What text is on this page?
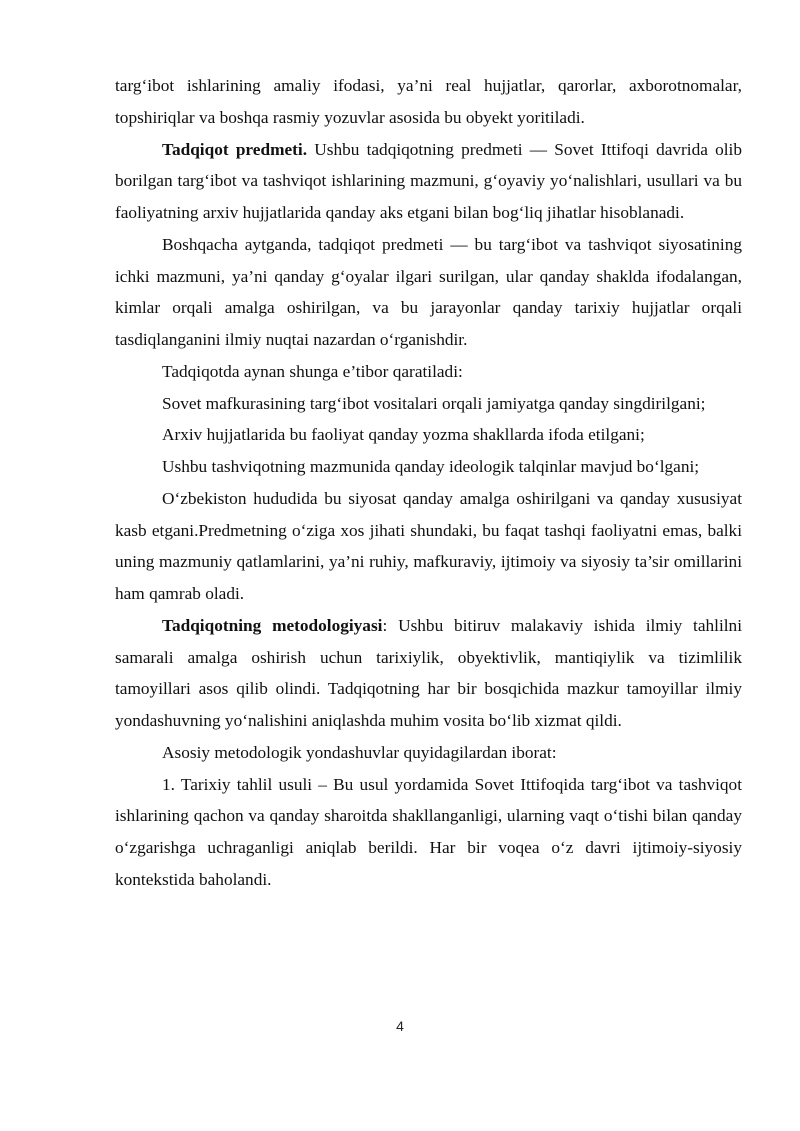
targ‘ibot ishlarining amaliy ifodasi, ya’ni real hujjatlar, qarorlar, axborotnomalar, topshiriqlar va boshqa rasmiy yozuvlar asosida bu obyekt yoritiladi.

Tadqiqot predmeti. Ushbu tadqiqotning predmeti — Sovet Ittifoqi davrida olib borilgan targ‘ibot va tashviqot ishlarining mazmuni, g‘oyaviy yo‘nalishlari, usullari va bu faoliyatning arxiv hujjatlarida qanday aks etgani bilan bog‘liq jihatlar hisoblanadi.

Boshqacha aytganda, tadqiqot predmeti — bu targ‘ibot va tashviqot siyosatining ichki mazmuni, ya’ni qanday g‘oyalar ilgari surilgan, ular qanday shaklda ifodalangan, kimlar orqali amalga oshirilgan, va bu jarayonlar qanday tarixiy hujjatlar orqali tasdiqlanganini ilmiy nuqtai nazardan o‘rganishdir.

Tadqiqotda aynan shunga e’tibor qaratiladi:

Sovet mafkurasining targ‘ibot vositalari orqali jamiyatga qanday singdirilgani;

Arxiv hujjatlarida bu faoliyat qanday yozma shakllarda ifoda etilgani;

Ushbu tashviqotning mazmunida qanday ideologik talqinlar mavjud bo‘lgani;

O‘zbekiston hududida bu siyosat qanday amalga oshirilgani va qanday xususiyat kasb etgani.Predmetning o‘ziga xos jihati shundaki, bu faqat tashqi faoliyatni emas, balki uning mazmuniy qatlamlarini, ya’ni ruhiy, mafkuraviy, ijtimoiy va siyosiy ta’sir omillarini ham qamrab oladi.

Tadqiqotning metodologiyasi: Ushbu bitiruv malakaviy ishida ilmiy tahlilni samarali amalga oshirish uchun tarixiylik, obyektivlik, mantiqiylik va tizimlilik tamoyillari asos qilib olindi. Tadqiqotning har bir bosqichida mazkur tamoyillar ilmiy yondashuvning yo‘nalishini aniqlashda muhim vosita bo‘lib xizmat qildi.

Asosiy metodologik yondashuvlar quyidagilardan iborat:

1. Tarixiy tahlil usuli – Bu usul yordamida Sovet Ittifoqida targ‘ibot va tashviqot ishlarining qachon va qanday sharoitda shakllanganligi, ularning vaqt o‘tishi bilan qanday o‘zgarishga uchraganligi aniqlab berildi. Har bir voqea o‘z davri ijtimoiy-siyosiy kontekstida baholandi.

4
